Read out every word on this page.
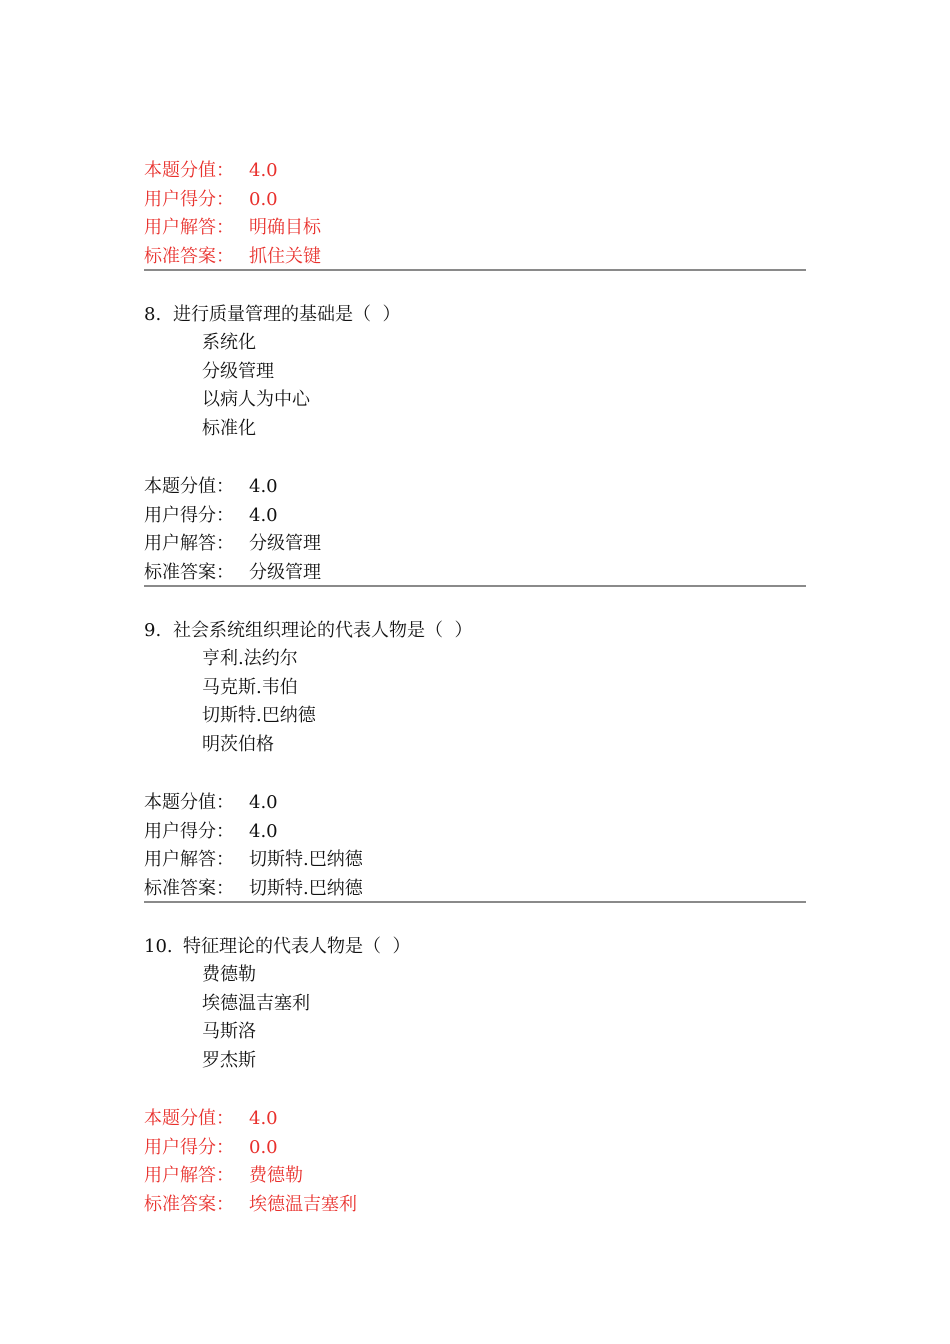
本题分值： 4.0
用户得分： 0.0
用户解答： 明确目标
标准答案： 抓住关键
8. 进行质量管理的基础是（  ）
系统化
分级管理
以病人为中心
标准化
本题分值： 4.0
用户得分： 4.0
用户解答： 分级管理
标准答案： 分级管理
9. 社会系统组织理论的代表人物是（  ）
亨利.法约尔
马克斯.韦伯
切斯特.巴纳德
明茨伯格
本题分值： 4.0
用户得分： 4.0
用户解答： 切斯特.巴纳德
标准答案： 切斯特.巴纳德
10. 特征理论的代表人物是（  ）
费德勒
埃德温吉塞利
马斯洛
罗杰斯
本题分值： 4.0
用户得分： 0.0
用户解答： 费德勒
标准答案： 埃德温吉塞利
